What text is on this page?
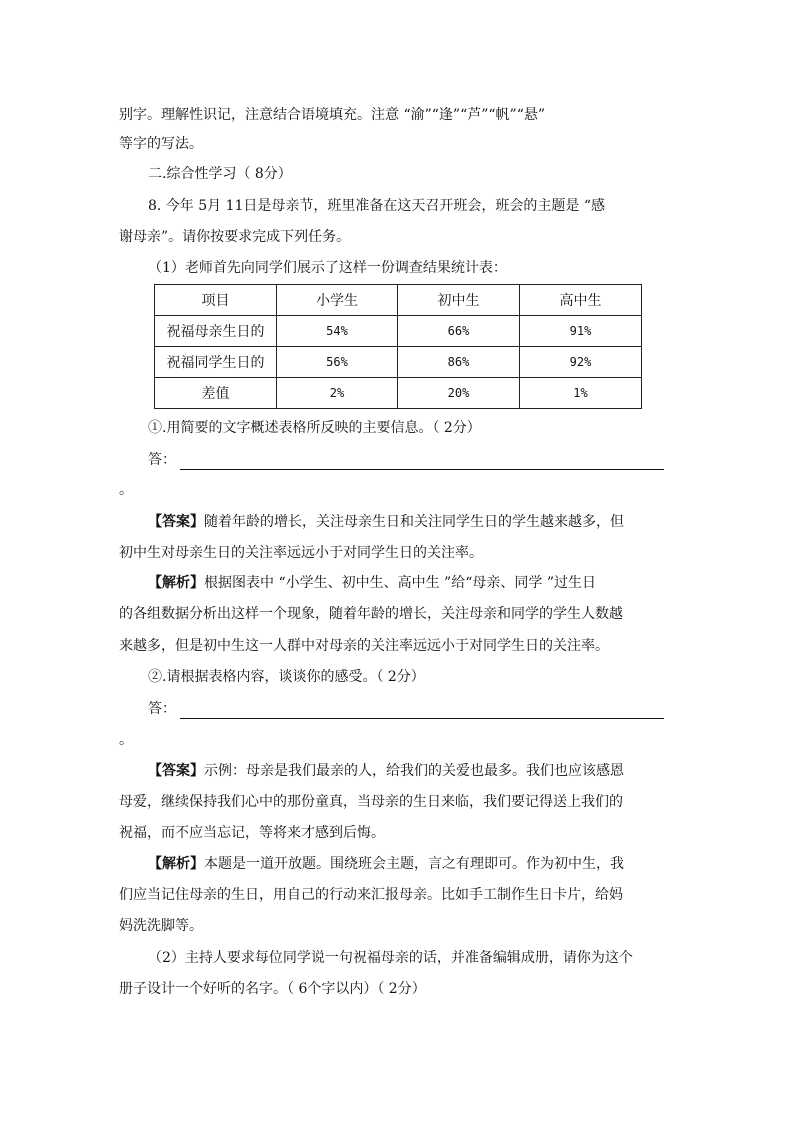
别字。理解性识记，注意结合语境填充。注意 “渝”“逢”“芦”“帆”“悬”
等字的写法。
二.综合性学习（ 8分）
8. 今年 5月 11日是母亲节，班里准备在这天召开班会，班会的主题是 “感
谢母亲”。请你按要求完成下列任务。
（1）老师首先向同学们展示了这样一份调查结果统计表：
项目	小学生	初中生	高中生
祝福母亲生日的	54%	66%	91%
祝福同学生日的	56%	86%	92%
差值	2%	20%	1%
①.用简要的文字概述表格所反映的主要信息。（ 2分）
答：
。
【答案】随着年龄的增长，关注母亲生日和关注同学生日的学生越来越多，但
初中生对母亲生日的关注率远远小于对同学生日的关注率。
【解析】根据图表中 “小学生、初中生、高中生 ”给“母亲、同学 ”过生日
的各组数据分析出这样一个现象，随着年龄的增长，关注母亲和同学的学生人数越
来越多，但是初中生这一人群中对母亲的关注率远远小于对同学生日的关注率。
②.请根据表格内容，谈谈你的感受。（ 2分）
答：
。
【答案】示例：母亲是我们最亲的人，给我们的关爱也最多。我们也应该感恩
母爱，继续保持我们心中的那份童真，当母亲的生日来临，我们要记得送上我们的
祝福，而不应当忘记，等将来才感到后悔。
【解析】本题是一道开放题。围绕班会主题，言之有理即可。作为初中生，我
们应当记住母亲的生日，用自己的行动来汇报母亲。比如手工制作生日卡片，给妈
妈洗洗脚等。
（2）主持人要求每位同学说一句祝福母亲的话，并准备编辑成册，请你为这个
册子设计一个好听的名字。（ 6个字以内）（ 2分）
